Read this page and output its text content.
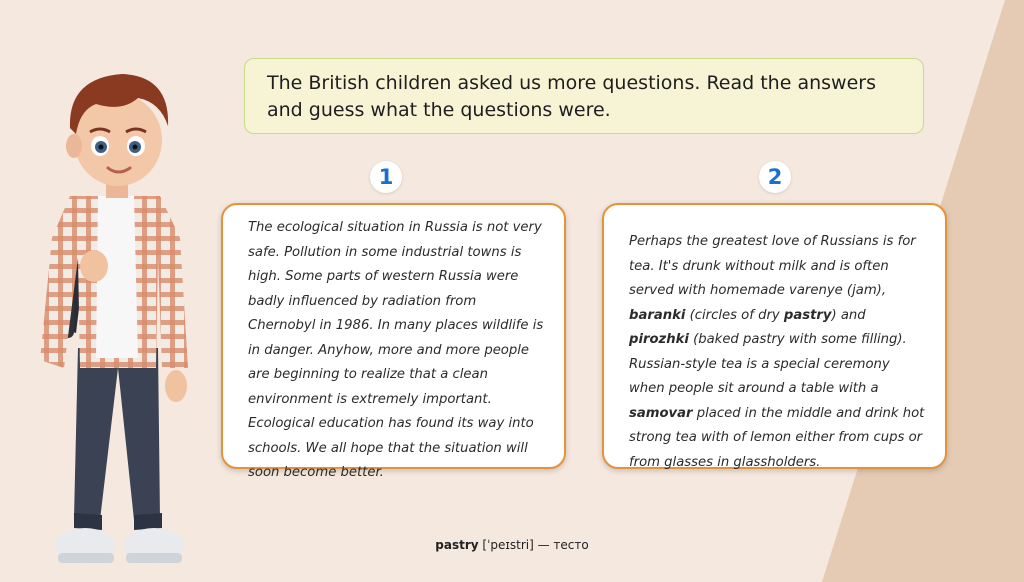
The British children asked us more questions. Read the answers and guess what the questions were.
1	2

The ecological situation in Russia is not very safe. Pollution in some industrial towns is high. Some parts of western Russia were badly influenced by radiation from Chernobyl in 1986. In many places wildlife is in danger. Anyhow, more and more people are beginning to realize that a clean environment is extremely important. Ecological education has found its way into schools. We all hope that the situation will soon become better.

Perhaps the greatest love of Russians is for tea. It's drunk without milk and is often served with homemade varenye (jam), baranki (circles of dry pastry) and pirozhki (baked pastry with some filling). Russian-style tea is a special ceremony when people sit around a table with a samovar placed in the middle and drink hot strong tea with of lemon either from cups or from glasses in glassholders.

pastry [ˈpeɪstri] — тесто
